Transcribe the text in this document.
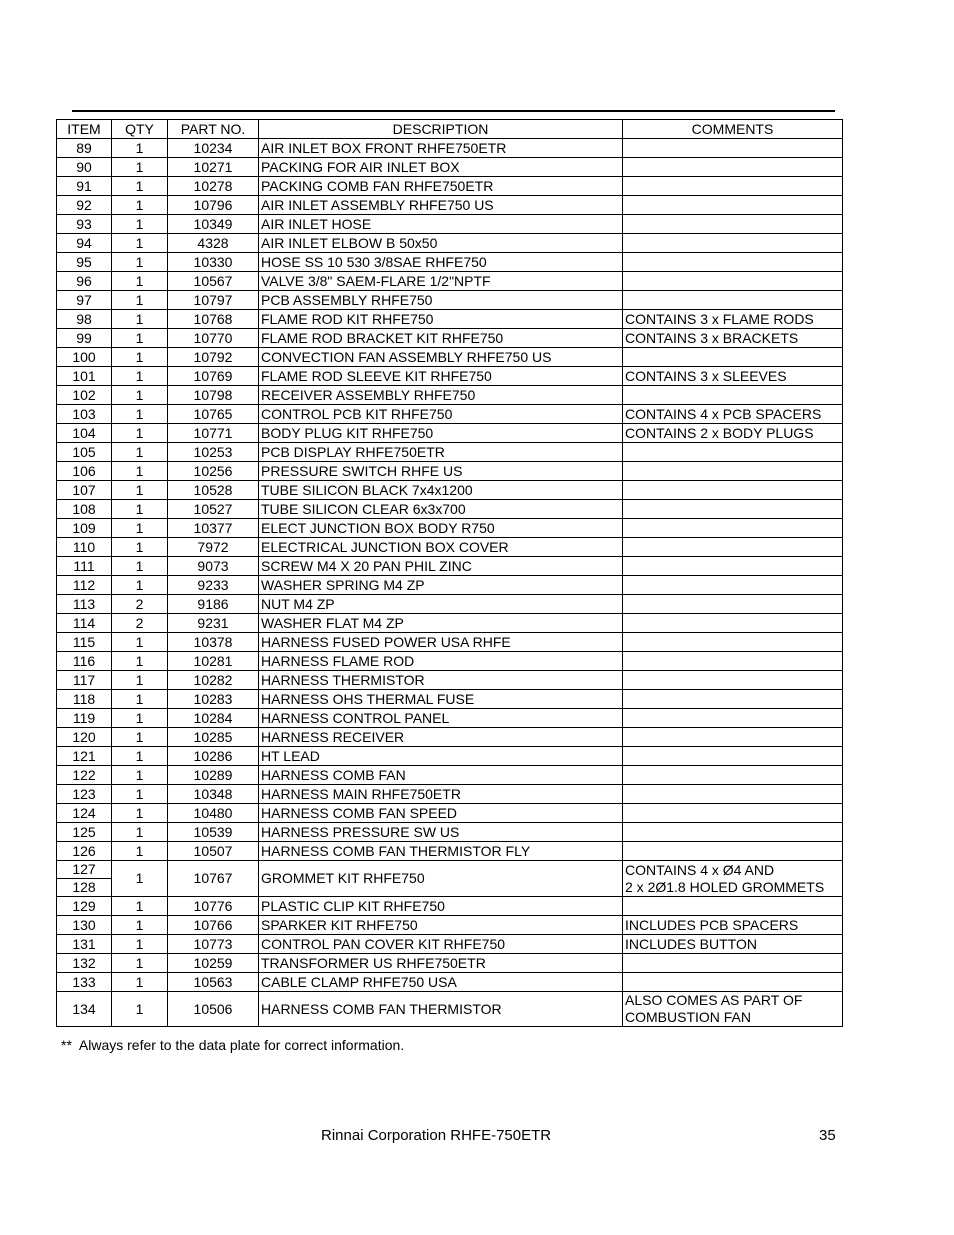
ITEM	QTY	PART NO.	DESCRIPTION	COMMENTS
89	1	10234	AIR INLET BOX FRONT RHFE750ETR	
90	1	10271	PACKING FOR AIR INLET BOX	
91	1	10278	PACKING COMB FAN RHFE750ETR	
92	1	10796	AIR INLET ASSEMBLY RHFE750 US	
93	1	10349	AIR INLET HOSE	
94	1	4328	AIR INLET ELBOW B 50x50	
95	1	10330	HOSE SS 10 530 3/8SAE RHFE750	
96	1	10567	VALVE 3/8" SAEM-FLARE 1/2"NPTF	
97	1	10797	PCB ASSEMBLY RHFE750	
98	1	10768	FLAME ROD KIT RHFE750	CONTAINS 3 x FLAME RODS
99	1	10770	FLAME ROD BRACKET KIT RHFE750	CONTAINS 3 x BRACKETS
100	1	10792	CONVECTION FAN ASSEMBLY RHFE750 US	
101	1	10769	FLAME ROD SLEEVE KIT RHFE750	CONTAINS 3 x SLEEVES
102	1	10798	RECEIVER ASSEMBLY RHFE750	
103	1	10765	CONTROL PCB KIT RHFE750	CONTAINS 4 x PCB SPACERS
104	1	10771	BODY PLUG KIT RHFE750	CONTAINS 2 x BODY PLUGS
105	1	10253	PCB DISPLAY RHFE750ETR	
106	1	10256	PRESSURE SWITCH RHFE US	
107	1	10528	TUBE SILICON BLACK 7x4x1200	
108	1	10527	TUBE SILICON CLEAR 6x3x700	
109	1	10377	ELECT JUNCTION BOX BODY R750	
110	1	7972	ELECTRICAL JUNCTION BOX COVER	
111	1	9073	SCREW M4 X 20 PAN PHIL ZINC	
112	1	9233	WASHER SPRING M4 ZP	
113	2	9186	NUT M4 ZP	
114	2	9231	WASHER FLAT M4 ZP	
115	1	10378	HARNESS FUSED POWER USA RHFE	
116	1	10281	HARNESS FLAME ROD	
117	1	10282	HARNESS THERMISTOR	
118	1	10283	HARNESS OHS THERMAL FUSE	
119	1	10284	HARNESS CONTROL PANEL	
120	1	10285	HARNESS RECEIVER	
121	1	10286	HT LEAD	
122	1	10289	HARNESS COMB FAN	
123	1	10348	HARNESS MAIN RHFE750ETR	
124	1	10480	HARNESS COMB FAN SPEED	
125	1	10539	HARNESS PRESSURE SW US	
126	1	10507	HARNESS COMB FAN THERMISTOR FLY	
127	1	10767	GROMMET KIT RHFE750	CONTAINS 4 x Ø4 AND
2 x 2Ø1.8 HOLED GROMMETS
128				
129	1	10776	PLASTIC CLIP KIT RHFE750	
130	1	10766	SPARKER KIT RHFE750	INCLUDES PCB SPACERS
131	1	10773	CONTROL PAN COVER KIT RHFE750	INCLUDES BUTTON
132	1	10259	TRANSFORMER US RHFE750ETR	
133	1	10563	CABLE CLAMP RHFE750 USA	
134	1	10506	HARNESS COMB FAN THERMISTOR	ALSO COMES AS PART OF
COMBUSTION FAN
**  Always refer to the data plate for correct information.
Rinnai Corporation RHFE-750ETR	35
